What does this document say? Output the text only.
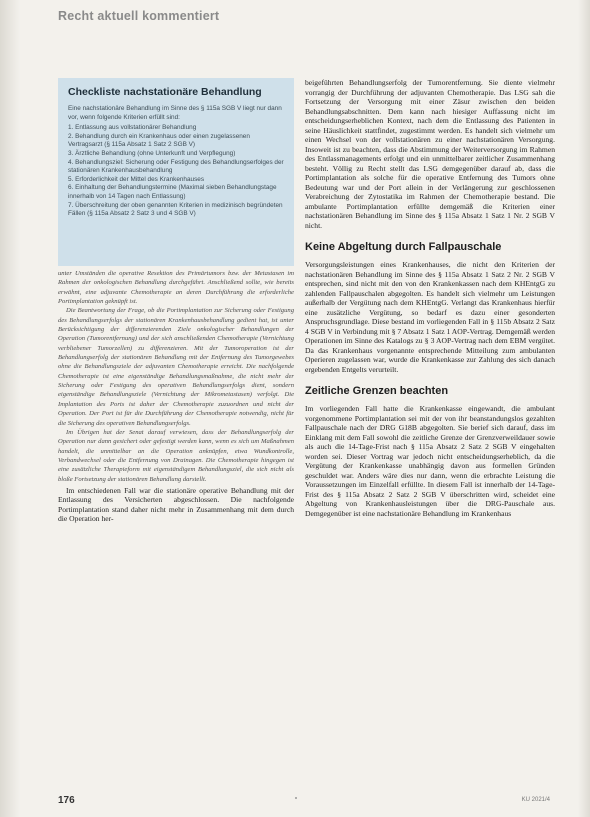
Recht aktuell kommentiert
Checkliste nachstationäre Behandlung
Eine nachstationäre Behandlung im Sinne des § 115a SGB V liegt nur dann vor, wenn folgende Kriterien erfüllt sind:
1. Entlassung aus vollstationärer Behandlung
2. Behandlung durch ein Krankenhaus oder einen zugelassenen Vertragsarzt (§ 115a Absatz 1 Satz 2 SGB V)
3. Ärztliche Behandlung (ohne Unterkunft und Verpflegung)
4. Behandlungsziel: Sicherung oder Festigung des Behandlungserfolges der stationären Krankenhausbehandlung
5. Erforderlichkeit der Mittel des Krankenhauses
6. Einhaltung der Behandlungstermine (Maximal sieben Behandlungstage innerhalb von 14 Tagen nach Entlassung)
7. Überschreitung der oben genannten Kriterien in medizinisch begründeten Fällen (§ 115a Absatz 2 Satz 3 und 4 SGB V)

unter Umständen die operative Resektion des Primärtumors bzw. der Metastasen im Rahmen der onkologischen Behandlung durchgeführt. Anschließend sollte, wie bereits erwähnt, eine adjuvante Chemotherapie an deren Durchführung die erforderliche Portimplantation geknüpft ist.

Die Beantwortung der Frage, ob die Portimplantation zur Sicherung oder Festigung des Behandlungserfolgs der stationären Krankenhausbehandlung gedient hat, ist unter Berücksichtigung der differenzierenden Ziele onkologischer Behandlungen der Operation (Tumorentfernung) und der sich anschließenden Chemotherapie (Vernichtung verbliebener Tumorzellen) zu differenzieren. Mit der Tumoroperation ist der Behandlungserfolg der stationären Behandlung mit der Entfernung des Tumorgewebes ohne die Behandlungsziele der adjuvanten Chemotherapie erreicht. Die nachfolgende Chemotherapie ist eine eigenständige Behandlungsmaßnahme, die nicht mehr der Sicherung oder Festigung des operativen Behandlungserfolgs dient, sondern eigenständige Behandlungsziele (Vernichtung der Mikrometastasen) verfolgt. Die Implantation des Ports ist daher der Chemotherapie zuzuordnen und nicht der Operation. Der Port ist für die Durchführung der Chemotherapie notwendig, nicht für die Sicherung des operativen Behandlungserfolgs.

Im Übrigen hat der Senat darauf verwiesen, dass der Behandlungserfolg der Operation nur dann gesichert oder gefestigt werden kann, wenn es sich um Maßnahmen handelt, die unmittelbar an die Operation anknüpfen, etwa Wundkontrolle, Verbandwechsel oder die Entfernung von Drainagen. Die Chemotherapie hingegen ist eine zusätzliche Therapieform mit eigenständigem Behandlungsziel, die sich nicht als bloße Fortsetzung der stationären Behandlung darstellt.

Im entschiedenen Fall war die stationäre operative Behandlung mit der Entlassung des Versicherten abgeschlossen. Die nachfolgende Portimplantation stand daher nicht mehr in Zusammenhang mit dem durch die Operation her-

beigeführten Behandlungserfolg der Tumorentfernung. Sie diente vielmehr vorrangig der Durchführung der adjuvanten Chemotherapie. Das LSG sah die Fortsetzung der Versorgung mit einer Zäsur zwischen den beiden Behandlungsabschnitten. Dem kann nach hiesiger Auffassung nicht im entscheidungserheblichen Kontext, nach dem die Entlassung des Patienten in seine Häuslichkeit stattfindet, zugestimmt werden. Es handelt sich vielmehr um einen Wechsel von der vollstationären zu einer nachstationären Versorgung. Insoweit ist zu beachten, dass die Abstimmung der Weiterversorgung im Rahmen des Entlassmanagements erfolgt und ein unmittelbarer zeitlicher Zusammenhang besteht. Völlig zu Recht stellt das LSG demgegenüber darauf ab, dass die Portimplantation als solche für die operative Entfernung des Tumors ohne Bedeutung war und der Port allein in der Verlängerung zur geschlossenen Verabreichung der Zytostatika im Rahmen der Chemotherapie bestand. Die ambulante Portimplantation erfüllte demgemäß die Kriterien einer nachstationären Behandlung im Sinne des § 115a Absatz 1 Satz 1 Nr. 2 SGB V nicht.

Keine Abgeltung durch Fallpauschale

Versorgungsleistungen eines Krankenhauses, die nicht den Kriterien der nachstationären Behandlung im Sinne des § 115a Absatz 1 Satz 2 Nr. 2 SGB V entsprechen, sind nicht mit den von den Krankenkassen nach dem KHEntgG zu zahlenden Fallpauschalen abgegolten. Es handelt sich vielmehr um Leistungen außerhalb der Vergütung nach dem KHEntgG. Verlangt das Krankenhaus hierfür eine zusätzliche Vergütung, so bedarf es dazu einer gesonderten Anspruchsgrundlage. Diese bestand im vorliegenden Fall in § 115b Absatz 2 Satz 4 SGB V in Verbindung mit § 7 Absatz 1 Satz 1 AOP-Vertrag. Demgemäß werden Operationen im Sinne des Katalogs zu § 3 AOP-Vertrag nach dem EBM vergütet. Da das Krankenhaus vorgenannte entsprechende Mitteilung zum ambulanten Operieren zugelassen war, wurde die Krankenkasse zur Zahlung des sich danach ergebenden Entgelts verurteilt.

Zeitliche Grenzen beachten

Im vorliegenden Fall hatte die Krankenkasse eingewandt, die ambulant vorgenommene Portimplantation sei mit der von ihr beanstandungslos gezahlten Fallpauschale nach der DRG G18B abgegolten. Sie berief sich darauf, dass im Einklang mit dem Fall sowohl die zeitliche Grenze der Grenzverweildauer sowie als auch die 14-Tage-Frist nach § 115a Absatz 2 Satz 2 SGB V eingehalten worden sei. Dieser Vortrag war jedoch nicht entscheidungserheblich, da die Vergütung der Krankenkasse unabhängig davon aus formellen Gründen geschuldet war. Anders wäre dies nur dann, wenn die erbrachte Leistung die Voraussetzungen im Einzelfall erfüllte. In diesem Fall ist innerhalb der 14-Tage-Frist des § 115a Absatz 2 Satz 2 SGB V überschritten wird, scheidet eine Abgeltung von Krankenhausleistungen über die DRG-Pauschale aus. Demgegenüber ist eine nachstationäre Behandlung im Krankenhaus

176	KU 2021/4
